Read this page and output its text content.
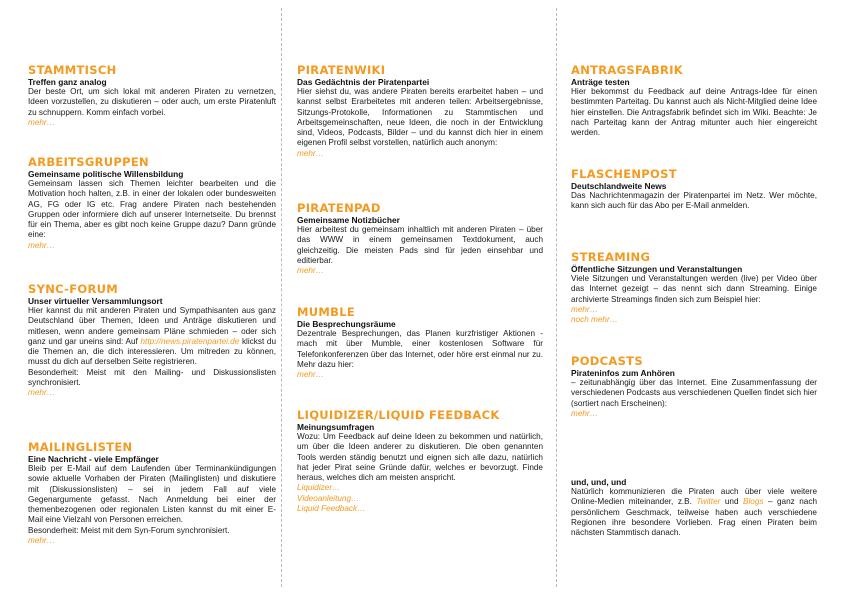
STAMMTISCH

Treffen ganz analog

Der beste Ort, um sich lokal mit anderen Piraten zu vernetzen, Ideen vorzustellen, zu diskutieren – oder auch, um erste Piratenluft zu schnuppern. Komm einfach vorbei.

mehr…
ARBEITSGRUPPEN

Gemeinsame politische Willensbildung

Gemeinsam lassen sich Themen leichter bearbeiten und die Motivation hoch halten, z.B. in einer der lokalen oder bundesweiten AG, FG oder IG etc. Frag andere Piraten nach bestehenden Gruppen oder informiere dich auf unserer Internetseite. Du brennst für ein Thema, aber es gibt noch keine Gruppe dazu? Dann gründe eine:

mehr…
SYNC-FORUM

Unser virtueller Versammlungsort

Hier kannst du mit anderen Piraten und Sympathisanten aus ganz Deutschland über Themen, Ideen und Anträge diskutieren und mitlesen, wenn andere gemeinsam Pläne schmieden – oder sich ganz und gar uneins sind: Auf http://news.piratenpartei.de klickst du die Themen an, die dich interessieren. Um mitreden zu können, musst du dich auf derselben Seite registrieren.

Besonderheit: Meist mit den Mailing- und Diskussionslisten synchronisiert.

mehr…
MAILINGLISTEN

Eine Nachricht - viele Empfänger

Bleib per E-Mail auf dem Laufenden über Terminankündigungen sowie aktuelle Vorhaben der Piraten (Mailinglisten) und diskutiere mit (Diskussionslisten) – sei in jedem Fall auf viele Gegenargumente gefasst. Nach Anmeldung bei einer der themenbezogenen oder regionalen Listen kannst du mit einer E-Mail eine Vielzahl von Personen erreichen.

Besonderheit: Meist mit dem Syn-Forum synchronisiert.

mehr…
PIRATENWIKI

Das Gedächtnis der Piratenpartei

Hier siehst du, was andere Piraten bereits erarbeitet haben – und kannst selbst Erarbeitetes mit anderen teilen: Arbeitsergebnisse, Sitzungs-Protokolle, Informationen zu Stammtischen und Arbeitsgemeinschaften, neue Ideen, die noch in der Entwicklung sind, Videos, Podcasts, Bilder – und du kannst dich hier in einem eigenen Profil selbst vorstellen, natürlich auch anonym:

mehr…
PIRATENPAD

Gemeinsame Notizbücher

Hier arbeitest du gemeinsam inhaltlich mit anderen Piraten – über das WWW in einem gemeinsamen Textdokument, auch gleichzeitig. Die meisten Pads sind für jeden einsehbar und editierbar.

mehr…
MUMBLE

Die Besprechungsräume

Dezentrale Besprechungen, das Planen kurzfristiger Aktionen - mach mit über Mumble, einer kostenlosen Software für Telefonkonferenzen über das Internet, oder höre erst einmal nur zu. Mehr dazu hier:

mehr…
LIQUIDIZER/LIQUID FEEDBACK

Meinungsumfragen

Wozu: Um Feedback auf deine Ideen zu bekommen und natürlich, um über die Ideen anderer zu diskutieren. Die oben genannten Tools werden ständig benutzt und eignen sich alle dazu, natürlich hat jeder Pirat seine Gründe dafür, welches er bevorzugt. Finde heraus, welches dich am meisten anspricht.

Liquidizer…
Videoanleitung…
Liquid Feedback…
ANTRAGSFABRIK

Anträge testen

Hier bekommst du Feedback auf deine Antrags-Idee für einen bestimmten Parteitag. Du kannst auch als Nicht-Mitglied deine Idee hier einstellen. Die Antragsfabrik befindet sich im Wiki. Beachte: Je nach Parteitag kann der Antrag mitunter auch hier eingereicht werden.

FLASCHENPOST

Deutschlandweite News

Das Nachrichtenmagazin der Piratenpartei im Netz. Wer möchte, kann sich auch für das Abo per E-Mail anmelden.

STREAMING

Öffentliche Sitzungen und Veranstaltungen

Viele Sitzungen und Veranstaltungen werden (live) per Video über das Internet gezeigt – das nennt sich dann Streaming. Einige archivierte Streamings finden sich zum Beispiel hier:

mehr…
noch mehr…
PODCASTS

Pirateninfos zum Anhören

– zeitunabhängig über das Internet. Eine Zusammenfassung der verschiedenen Podcasts aus verschiedenen Quellen findet sich hier (sortiert nach Erscheinen):

mehr…

und, und, und

Natürlich kommunizieren die Piraten auch über viele weitere Online-Medien miteinander, z.B. Twitter und Blogs – ganz nach persönlichem Geschmack, teilweise haben auch verschiedene Regionen ihre besondere Vorlieben. Frag einen Piraten beim nächsten Stammtisch danach.
